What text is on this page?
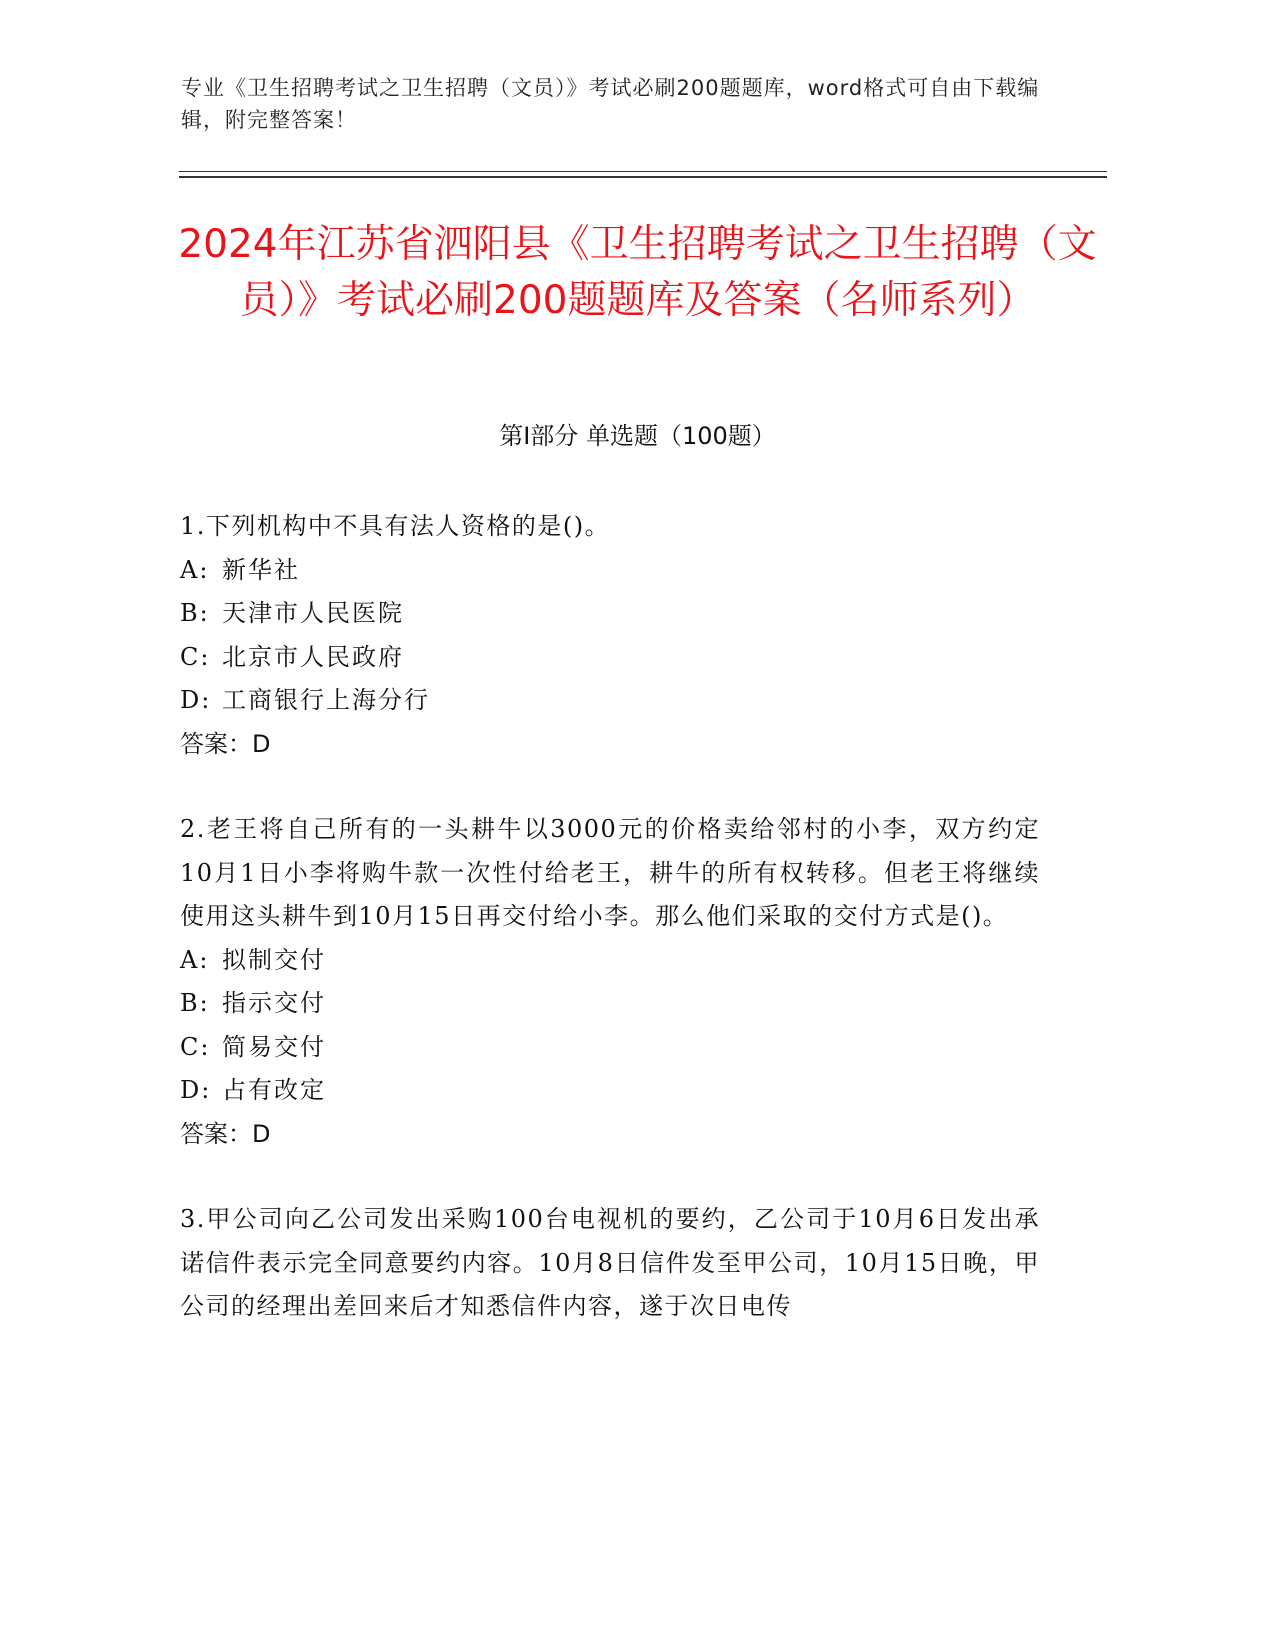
专业《卫生招聘考试之卫生招聘（文员）》考试必刷200题题库，word格式可自由下载编辑，附完整答案！
2024年江苏省泗阳县《卫生招聘考试之卫生招聘（文员）》考试必刷200题题库及答案（名师系列）
第Ⅰ部分 单选题（100题）
1.下列机构中不具有法人资格的是()。
A: 新华社
B: 天津市人民医院
C: 北京市人民政府
D: 工商银行上海分行
答案：D
2.老王将自己所有的一头耕牛以3000元的价格卖给邻村的小李，双方约定10月1日小李将购牛款一次性付给老王，耕牛的所有权转移。但老王将继续使用这头耕牛到10月15日再交付给小李。那么他们采取的交付方式是()。
A: 拟制交付
B: 指示交付
C: 简易交付
D: 占有改定
答案：D
3.甲公司向乙公司发出采购100台电视机的要约，乙公司于10月6日发出承诺信件表示完全同意要约内容。10月8日信件发至甲公司，10月15日晚，甲公司的经理出差回来后才知悉信件内容，遂于次日电传
